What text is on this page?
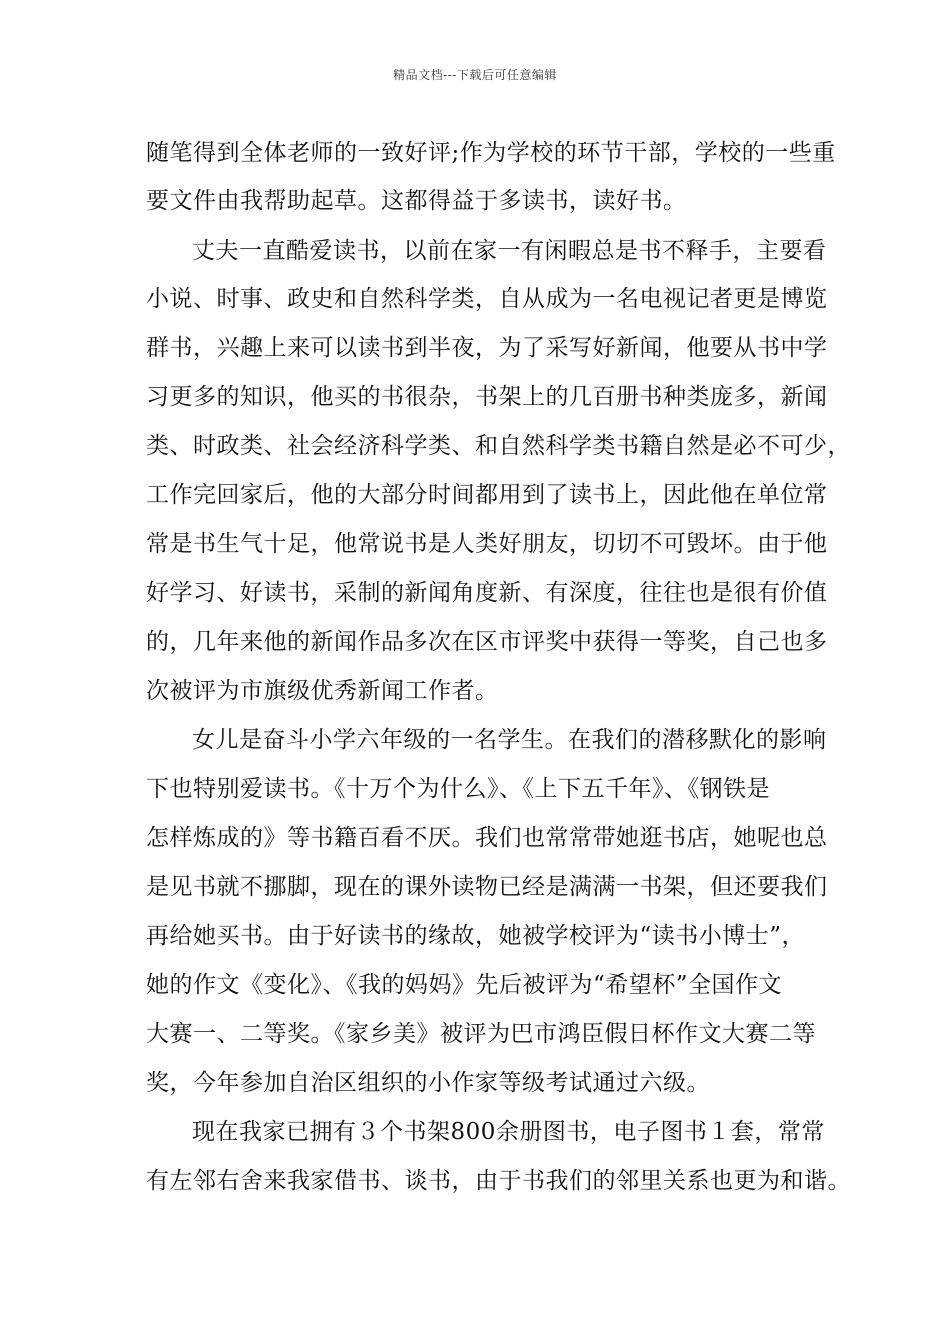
精品文档---下载后可任意编辑
随笔得到全体老师的一致好评;作为学校的环节干部，学校的一些重
要文件由我帮助起草。这都得益于多读书，读好书。
丈夫一直酷爱读书，以前在家一有闲暇总是书不释手，主要看
小说、时事、政史和自然科学类，自从成为一名电视记者更是博览
群书，兴趣上来可以读书到半夜，为了采写好新闻，他要从书中学
习更多的知识，他买的书很杂，书架上的几百册书种类庞多，新闻
类、时政类、社会经济科学类、和自然科学类书籍自然是必不可少，
工作完回家后，他的大部分时间都用到了读书上，因此他在单位常
常是书生气十足，他常说书是人类好朋友，切切不可毁坏。由于他
好学习、好读书，采制的新闻角度新、有深度，往往也是很有价值
的，几年来他的新闻作品多次在区市评奖中获得一等奖，自己也多
次被评为市旗级优秀新闻工作者。
女儿是奋斗小学六年级的一名学生。在我们的潜移默化的影响
下也特别爱读书。《十万个为什么》、《上下五千年》、《钢铁是
怎样炼成的》等书籍百看不厌。我们也常常带她逛书店，她呢也总
是见书就不挪脚，现在的课外读物已经是满满一书架，但还要我们
再给她买书。由于好读书的缘故，她被学校评为“读书小博士”，
她的作文《变化》、《我的妈妈》先后被评为“希望杯”全国作文
大赛一、二等奖。《家乡美》被评为巴市鸿臣假日杯作文大赛二等
奖，今年参加自治区组织的小作家等级考试通过六级。
现在我家已拥有３个书架800余册图书，电子图书１套，常常
有左邻右舍来我家借书、谈书，由于书我们的邻里关系也更为和谐。
